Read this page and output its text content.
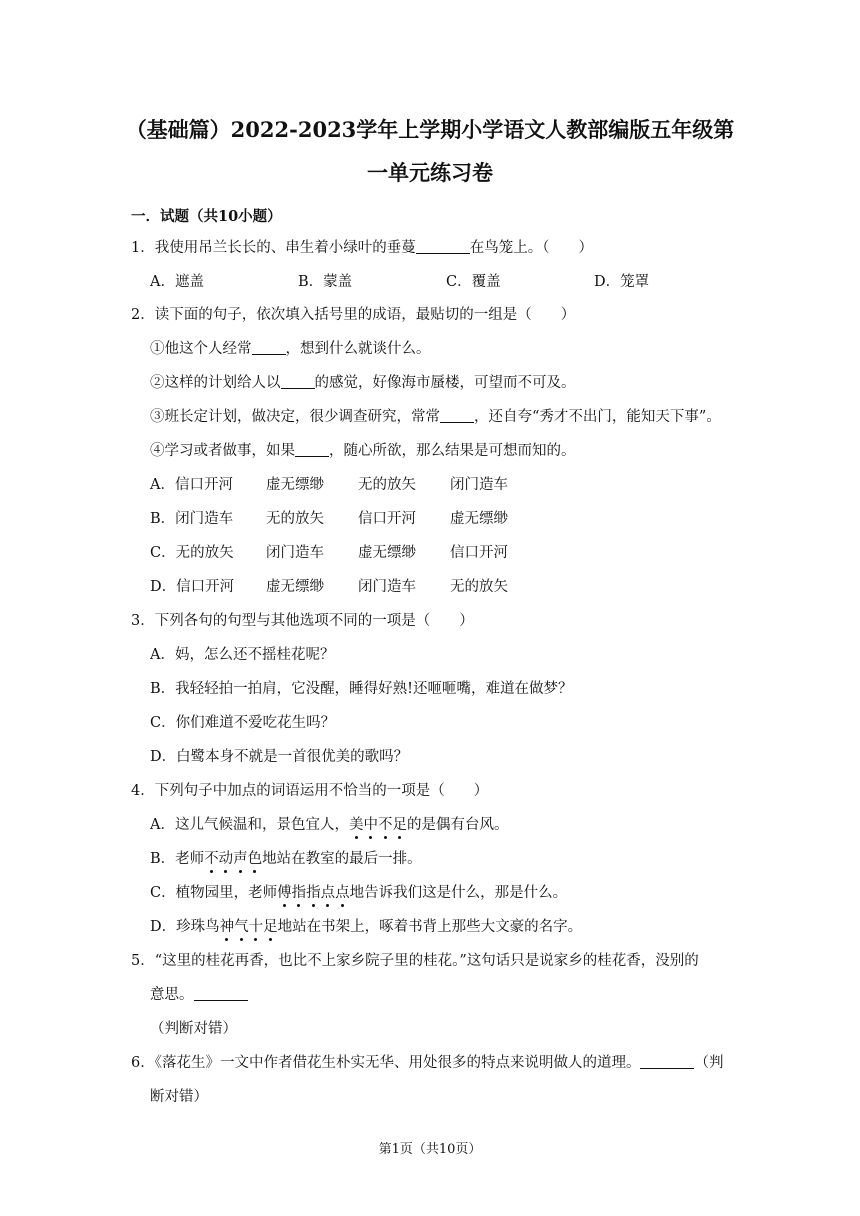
（基础篇）2022-2023学年上学期小学语文人教部编版五年级第
一单元练习卷
一．试题（共10小题）
1．我使用吊兰长长的、串生着小绿叶的垂蔓	在鸟笼上。（　　）
A．遮盖	B．蒙盖	C．覆盖	D．笼罩
2．读下面的句子，依次填入括号里的成语，最贴切的一组是（　　）
①他这个人经常 ，想到什么就谈什么。
②这样的计划给人以 的感觉，好像海市蜃楼，可望而不可及。
③班长定计划，做决定，很少调查研究，常常 ，还自夸“秀才不出门，能知天下事”。
④学习或者做事，如果 ，随心所欲，那么结果是可想而知的。
A．信口开河 虚无缥缈 无的放矢 闭门造车
B．闭门造车 无的放矢 信口开河 虚无缥缈
C．无的放矢 闭门造车 虚无缥缈 信口开河
D．信口开河 虚无缥缈 闭门造车 无的放矢
3．下列各句的句型与其他选项不同的一项是（　　）
A．妈，怎么还不摇桂花呢？
B．我轻轻拍一拍肩，它没醒，睡得好熟!还咂咂嘴，难道在做梦？
C．你们难道不爱吃花生吗？
D．白鹭本身不就是一首很优美的歌吗？
4．下列句子中加点的词语运用不恰当的一项是（　　）
A．这儿气候温和，景色宜人，美中不足的是偶有台风。
B．老师不动声色地站在教室的最后一排。
C．植物园里，老师傅指指点点地告诉我们这是什么，那是什么。
D．珍珠鸟神气十足地站在书架上，啄着书背上那些大文豪的名字。
5．“这里的桂花再香，也比不上家乡院子里的桂花。”这句话只是说家乡的桂花香，没别的
意思。
（判断对错）
6．《落花生》一文中作者借花生朴实无华、用处很多的特点来说明做人的道理。	（判
断对错）
第1页（共10页）
